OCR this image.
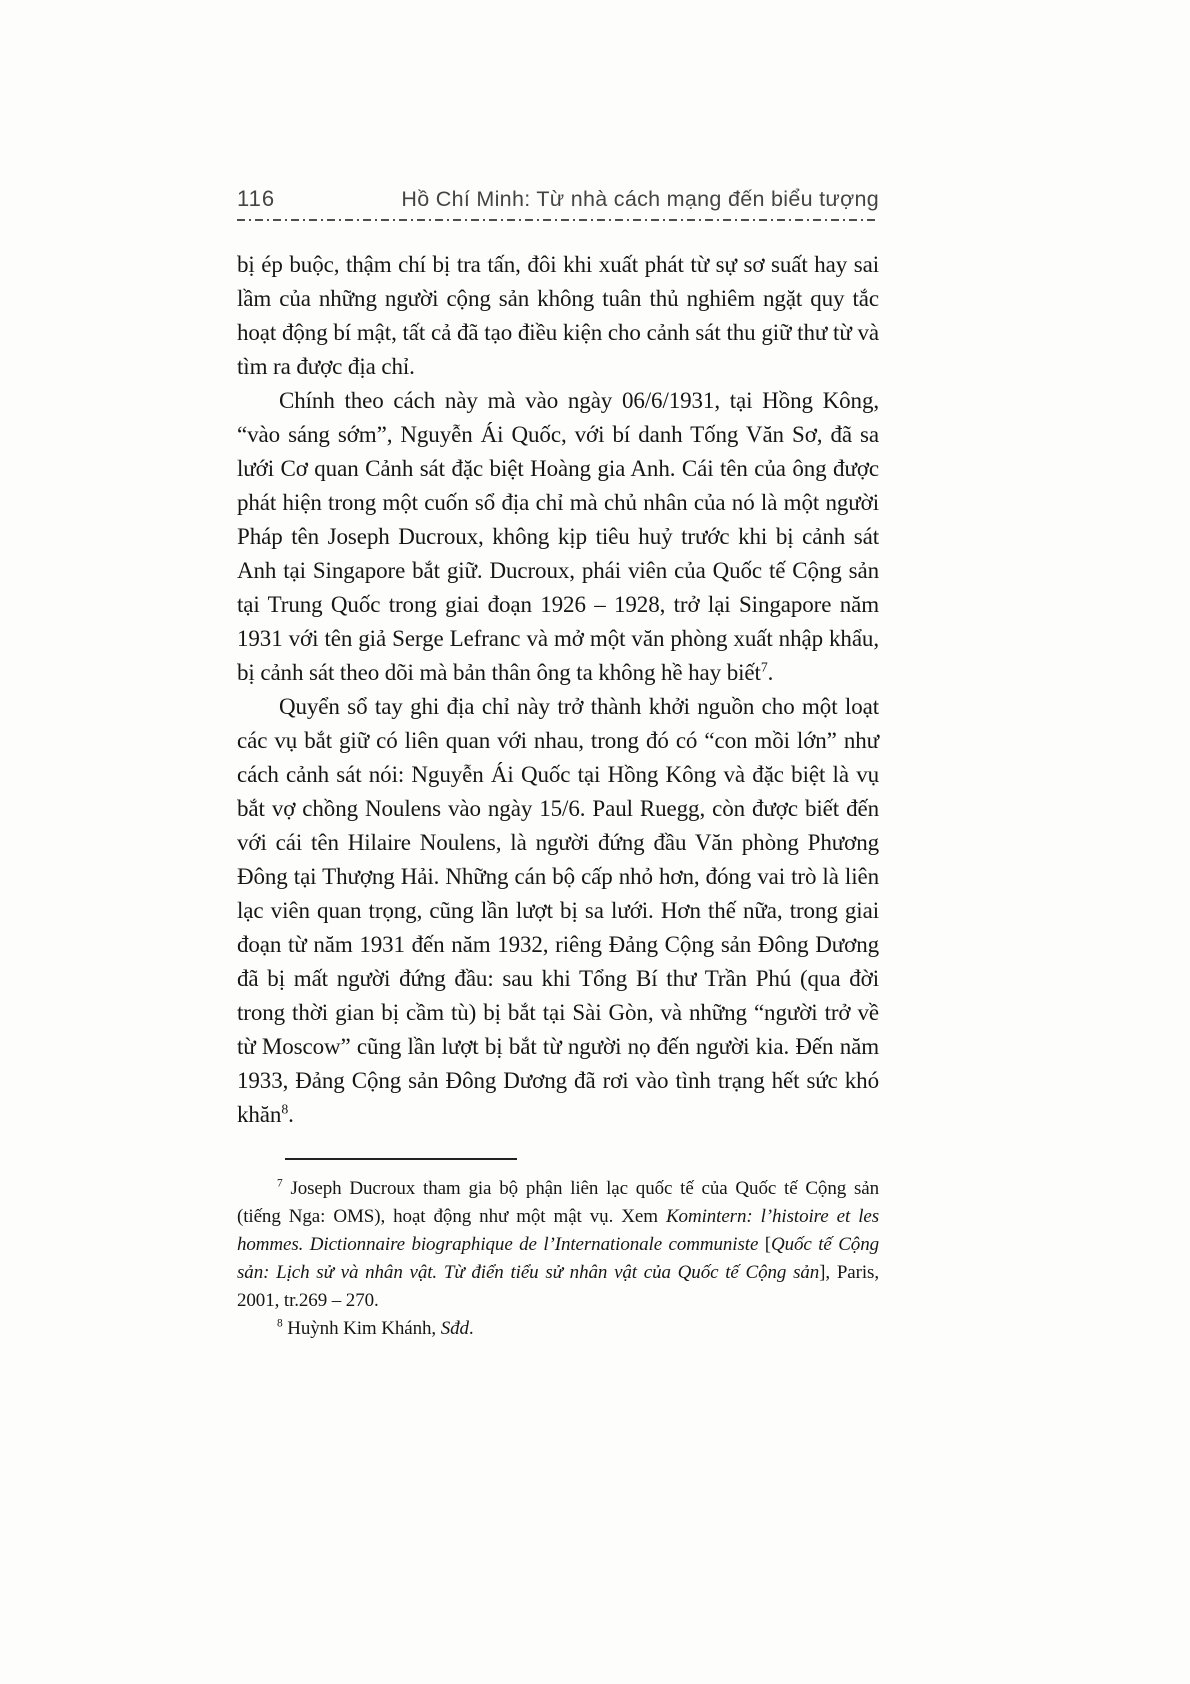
116	Hồ Chí Minh: Từ nhà cách mạng đến biểu tượng

bị ép buộc, thậm chí bị tra tấn, đôi khi xuất phát từ sự sơ suất hay sai lầm của những người cộng sản không tuân thủ nghiêm ngặt quy tắc hoạt động bí mật, tất cả đã tạo điều kiện cho cảnh sát thu giữ thư từ và tìm ra được địa chỉ.

Chính theo cách này mà vào ngày 06/6/1931, tại Hồng Kông, “vào sáng sớm”, Nguyễn Ái Quốc, với bí danh Tống Văn Sơ, đã sa lưới Cơ quan Cảnh sát đặc biệt Hoàng gia Anh. Cái tên của ông được phát hiện trong một cuốn sổ địa chỉ mà chủ nhân của nó là một người Pháp tên Joseph Ducroux, không kịp tiêu huỷ trước khi bị cảnh sát Anh tại Singapore bắt giữ. Ducroux, phái viên của Quốc tế Cộng sản tại Trung Quốc trong giai đoạn 1926 – 1928, trở lại Singapore năm 1931 với tên giả Serge Lefranc và mở một văn phòng xuất nhập khẩu, bị cảnh sát theo dõi mà bản thân ông ta không hề hay biết$^7$.

Quyển sổ tay ghi địa chỉ này trở thành khởi nguồn cho một loạt các vụ bắt giữ có liên quan với nhau, trong đó có “con mồi lớn” như cách cảnh sát nói: Nguyễn Ái Quốc tại Hồng Kông và đặc biệt là vụ bắt vợ chồng Noulens vào ngày 15/6. Paul Ruegg, còn được biết đến với cái tên Hilaire Noulens, là người đứng đầu Văn phòng Phương Đông tại Thượng Hải. Những cán bộ cấp nhỏ hơn, đóng vai trò là liên lạc viên quan trọng, cũng lần lượt bị sa lưới. Hơn thế nữa, trong giai đoạn từ năm 1931 đến năm 1932, riêng Đảng Cộng sản Đông Dương đã bị mất người đứng đầu: sau khi Tổng Bí thư Trần Phú (qua đời trong thời gian bị cầm tù) bị bắt tại Sài Gòn, và những “người trở về từ Moscow” cũng lần lượt bị bắt từ người nọ đến người kia. Đến năm 1933, Đảng Cộng sản Đông Dương đã rơi vào tình trạng hết sức khó khăn$^8$.

$^7$ Joseph Ducroux tham gia bộ phận liên lạc quốc tế của Quốc tế Cộng sản (tiếng Nga: OMS), hoạt động như một mật vụ. Xem Komintern: l’histoire et les hommes. Dictionnaire biographique de l’Internationale communiste [Quốc tế Cộng sản: Lịch sử và nhân vật. Từ điển tiểu sử nhân vật của Quốc tế Cộng sản], Paris, 2001, tr.269 – 270.

$^8$ Huỳnh Kim Khánh, Sđd.
